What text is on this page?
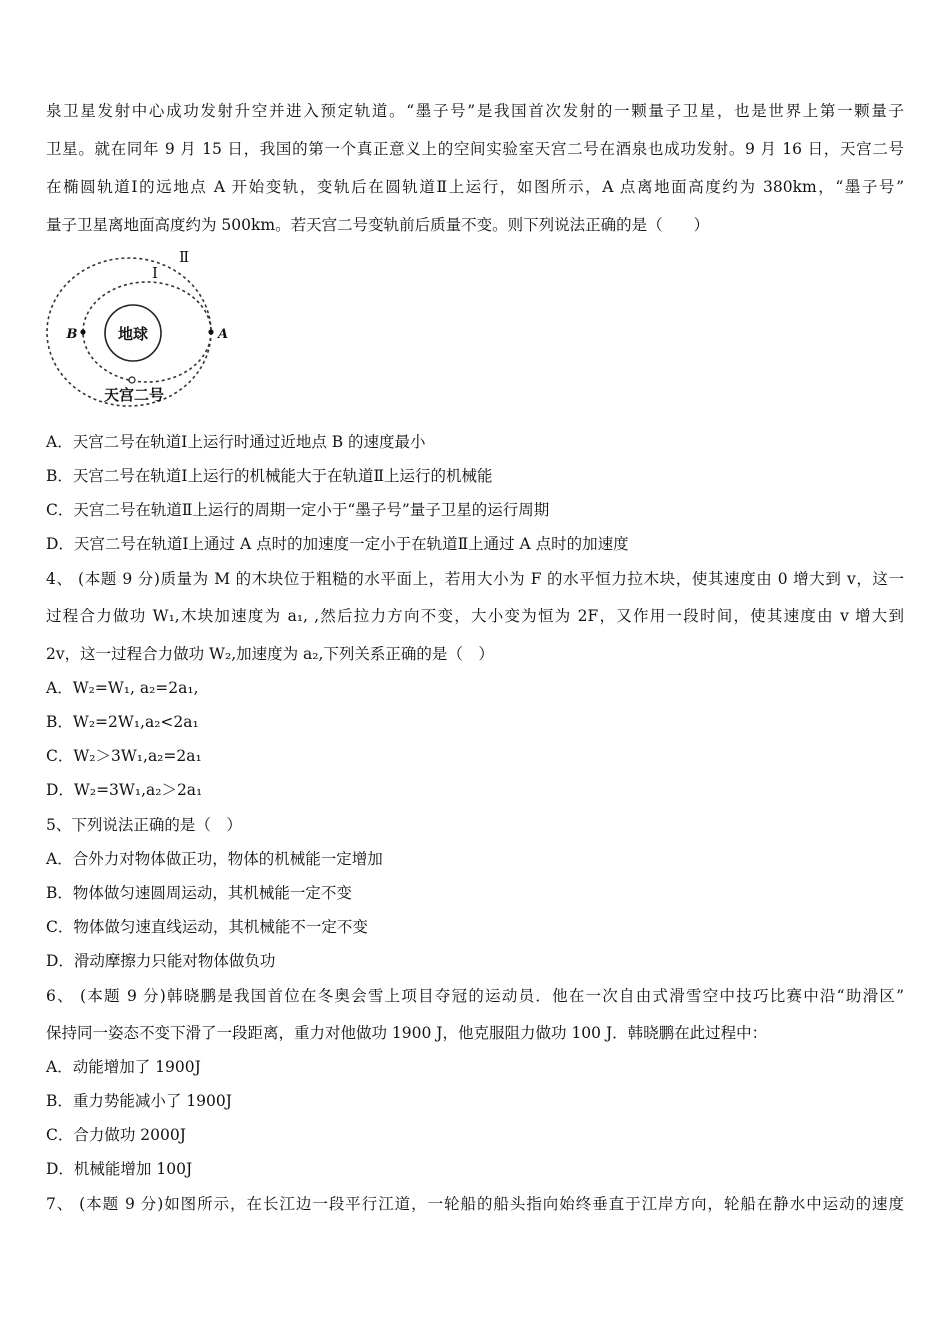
泉卫星发射中心成功发射升空并进入预定轨道。“墨子号”是我国首次发射的一颗量子卫星，也是世界上第一颗量子
卫星。就在同年 9 月 15 日，我国的第一个真正意义上的空间实验室天宫二号在酒泉也成功发射。9 月 16 日，天宫二号
在椭圆轨道Ⅰ的远地点 A 开始变轨，变轨后在圆轨道Ⅱ上运行，如图所示，A 点离地面高度约为 380km，“墨子号”
量子卫星离地面高度约为 500km。若天宫二号变轨前后质量不变。则下列说法正确的是（　　）
地球	A
B
Ⅰ
Ⅱ
天宫二号
A．天宫二号在轨道Ⅰ上运行时通过近地点 B 的速度最小
B．天宫二号在轨道Ⅰ上运行的机械能大于在轨道Ⅱ上运行的机械能
C．天宫二号在轨道Ⅱ上运行的周期一定小于“墨子号”量子卫星的运行周期
D．天宫二号在轨道Ⅰ上通过 A 点时的加速度一定小于在轨道Ⅱ上通过 A 点时的加速度
4、 (本题 9 分)质量为 M 的木块位于粗糙的水平面上，若用大小为 F 的水平恒力拉木块，使其速度由 0 增大到 v，这一
过程合力做功 W₁,木块加速度为 a₁, ,然后拉力方向不变，大小变为恒为 2F，又作用一段时间，使其速度由 v 增大到
2v，这一过程合力做功 W₂,加速度为 a₂,下列关系正确的是（　）
A．W₂=W₁, a₂=2a₁,
B．W₂=2W₁,a₂<2a₁
C．W₂＞3W₁,a₂=2a₁
D．W₂=3W₁,a₂＞2a₁
5、下列说法正确的是（　）
A．合外力对物体做正功，物体的机械能一定增加
B．物体做匀速圆周运动，其机械能一定不变
C．物体做匀速直线运动，其机械能不一定不变
D．滑动摩擦力只能对物体做负功
6、 (本题 9 分)韩晓鹏是我国首位在冬奥会雪上项目夺冠的运动员．他在一次自由式滑雪空中技巧比赛中沿“助滑区”
保持同一姿态不变下滑了一段距离，重力对他做功 1900 J，他克服阻力做功 100 J．韩晓鹏在此过程中：
A．动能增加了 1900J
B．重力势能减小了 1900J
C．合力做功 2000J
D．机械能增加 100J
7、 (本题 9 分)如图所示，在长江边一段平行江道，一轮船的船头指向始终垂直于江岸方向，轮船在静水中运动的速度
